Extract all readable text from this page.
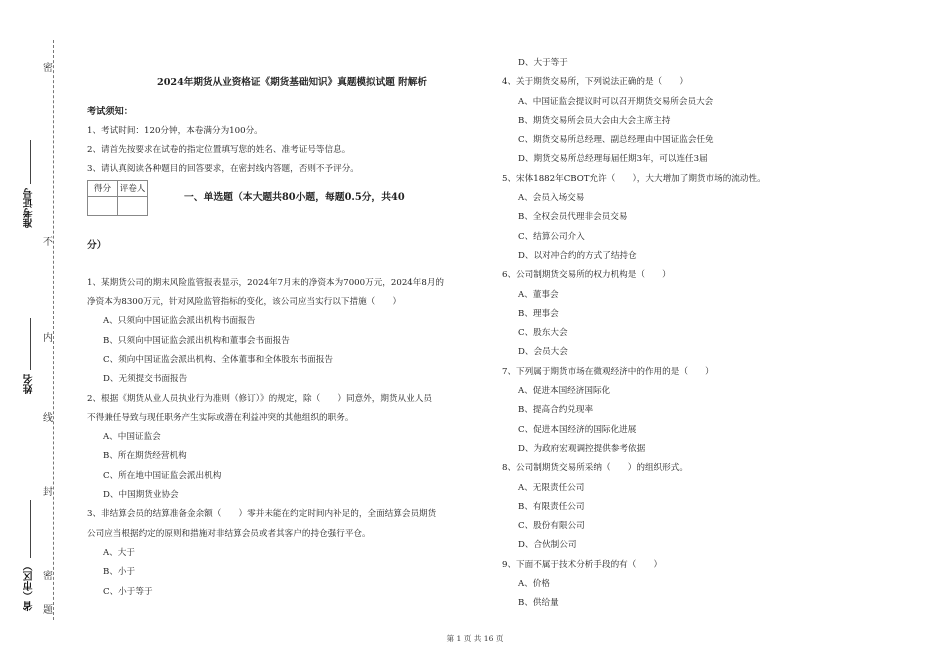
密
不
内
线
封
密
题
准考证号
姓名
省（市区）
2024年期货从业资格证《期货基础知识》真题模拟试题 附解析
考试须知：
1、考试时间：120分钟，本卷满分为100分。
2、请首先按要求在试卷的指定位置填写您的姓名、准考证号等信息。
3、请认真阅读各种题目的回答要求，在密封线内答题，否则不予评分。
得分	评卷人

一、单选题（本大题共80小题，每题0.5分，共40
分）
1、某期货公司的期末风险监管报表显示，2024年7月末的净资本为7000万元，2024年8月的
净资本为8300万元，针对风险监管指标的变化，该公司应当实行以下措施（　　）
A、只须向中国证监会派出机构书面报告
B、只须向中国证监会派出机构和董事会书面报告
C、须向中国证监会派出机构、全体董事和全体股东书面报告
D、无须提交书面报告
2、根据《期货从业人员执业行为准则（修订）》的规定，除（　　）同意外，期货从业人员
不得兼任导致与现任职务产生实际或潜在利益冲突的其他组织的职务。
A、中国证监会
B、所在期货经营机构
C、所在地中国证监会派出机构
D、中国期货业协会
3、非结算会员的结算准备金余额（　　）零并未能在约定时间内补足的，全面结算会员期货
公司应当根据约定的原则和措施对非结算会员或者其客户的持仓强行平仓。
A、大于
B、小于
C、小于等于
D、大于等于
4、关于期货交易所，下列说法正确的是（　　）
A、中国证监会提议时可以召开期货交易所会员大会
B、期货交易所会员大会由大会主席主持
C、期货交易所总经理、副总经理由中国证监会任免
D、期货交易所总经理每届任期3年，可以连任3届
5、宋体1882年CBOT允许（　　），大大增加了期货市场的流动性。
A、会员入场交易
B、全权会员代理非会员交易
C、结算公司介入
D、以对冲合约的方式了结持仓
6、公司制期货交易所的权力机构是（　　）
A、董事会
B、理事会
C、股东大会
D、会员大会
7、下列属于期货市场在微观经济中的作用的是（　　）
A、促进本国经济国际化
B、提高合约兑现率
C、促进本国经济的国际化进展
D、为政府宏观调控提供参考依据
8、公司制期货交易所采纳（　　）的组织形式。
A、无限责任公司
B、有限责任公司
C、股份有限公司
D、合伙制公司
9、下面不属于技术分析手段的有（　　）
A、价格
B、供给量
第 1 页 共 16 页
